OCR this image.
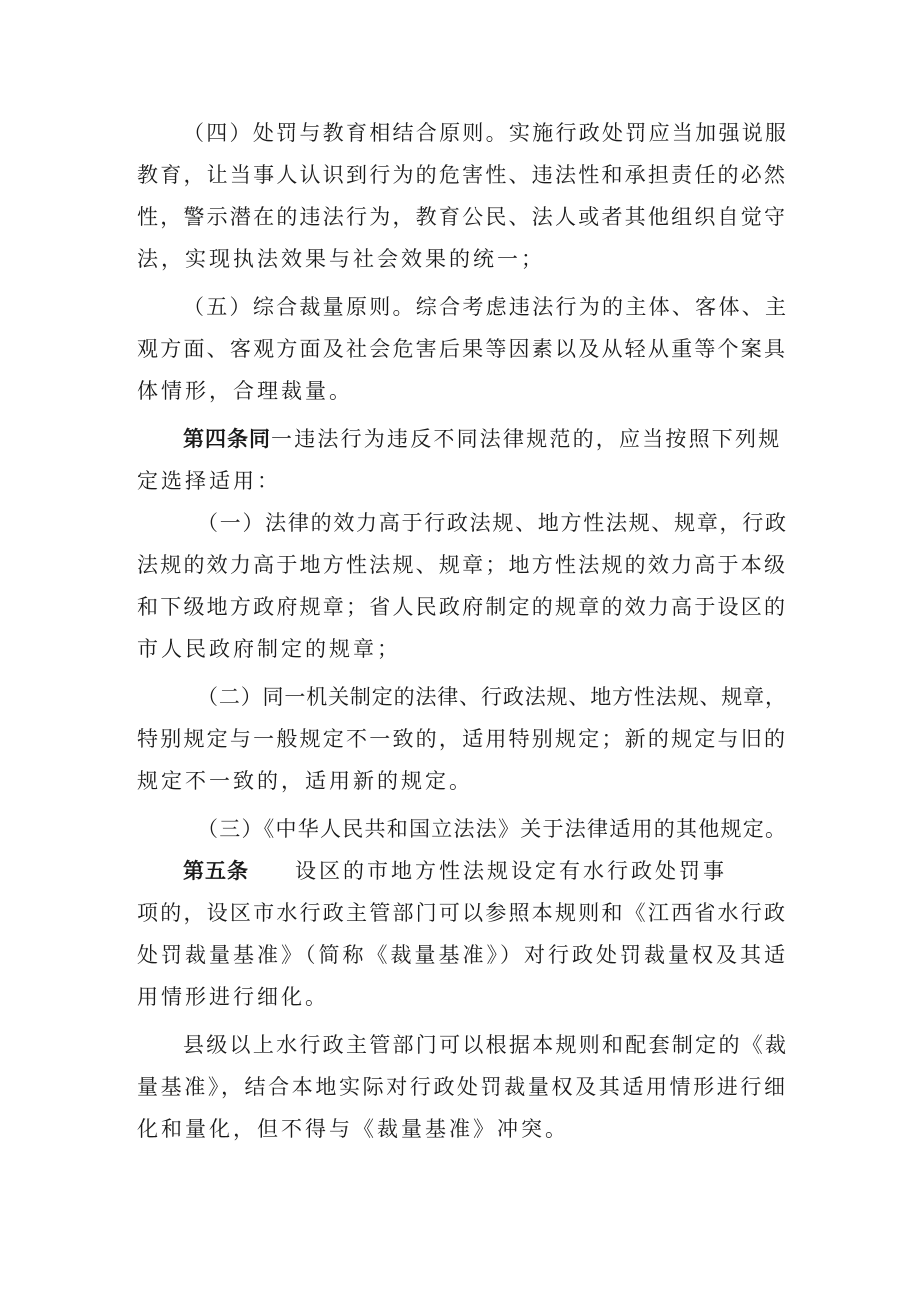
（四）处罚与教育相结合原则。实施行政处罚应当加强说服
教育，让当事人认识到行为的危害性、违法性和承担责任的必然
性，警示潜在的违法行为，教育公民、法人或者其他组织自觉守
法，实现执法效果与社会效果的统一；
（五）综合裁量原则。综合考虑违法行为的主体、客体、主
观方面、客观方面及社会危害后果等因素以及从轻从重等个案具
体情形，合理裁量。
第四条同一违法行为违反不同法律规范的，应当按照下列规
定选择适用：
（一）法律的效力高于行政法规、地方性法规、规章，行政
法规的效力高于地方性法规、规章；地方性法规的效力高于本级
和下级地方政府规章；省人民政府制定的规章的效力高于设区的
市人民政府制定的规章；
（二）同一机关制定的法律、行政法规、地方性法规、规章，
特别规定与一般规定不一致的，适用特别规定；新的规定与旧的
规定不一致的，适用新的规定。
（三）《中华人民共和国立法法》关于法律适用的其他规定。
第五条 设区的市地方性法规设定有水行政处罚事
项的，设区市水行政主管部门可以参照本规则和《江西省水行政
处罚裁量基准》（简称《裁量基准》）对行政处罚裁量权及其适
用情形进行细化。
县级以上水行政主管部门可以根据本规则和配套制定的《裁
量基准》，结合本地实际对行政处罚裁量权及其适用情形进行细
化和量化，但不得与《裁量基准》冲突。
